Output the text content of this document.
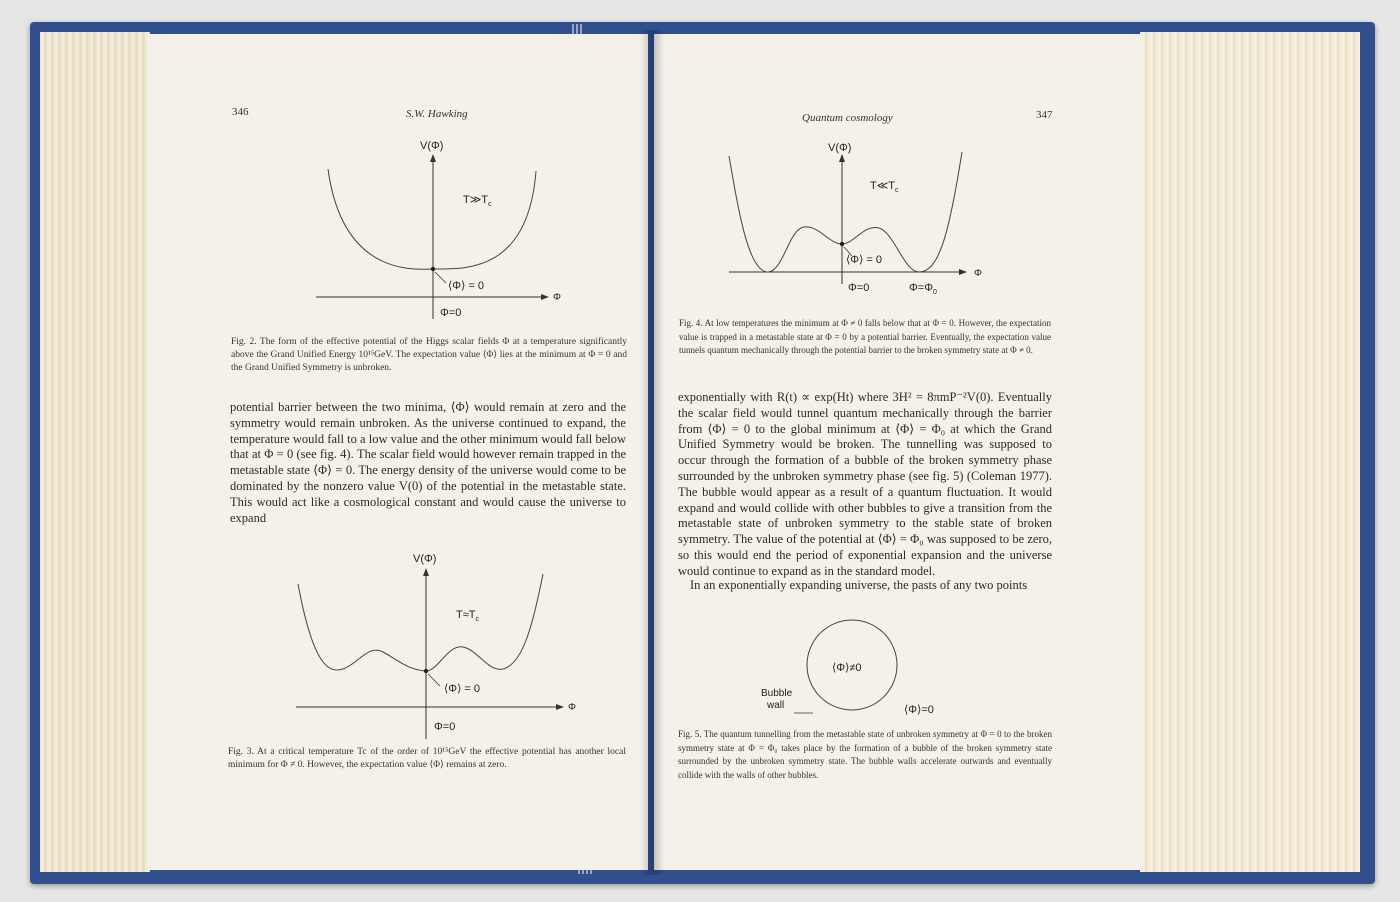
346	S.W. Hawking
V(Φ)
$T≫T_c$
⟨Φ⟩ = 0
Φ
Φ=0
Fig. 2. The form of the effective potential of the Higgs scalar fields Φ at a temperature significantly above the Grand Unified Energy 10¹⁵GeV. The expectation value ⟨Φ⟩ lies at the minimum at Φ = 0 and the Grand Unified Symmetry is unbroken.
potential barrier between the two minima, ⟨Φ⟩ would remain at zero and the symmetry would remain unbroken. As the universe continued to expand, the temperature would fall to a low value and the other minimum would fall below that at Φ = 0 (see fig. 4). The scalar field would however remain trapped in the metastable state ⟨Φ⟩ = 0. The energy density of the universe would come to be dominated by the nonzero value V(0) of the potential in the metastable state. This would act like a cosmological constant and would cause the universe to expand
V(Φ)
$T\approx T_c$
⟨Φ⟩ = 0
Φ
Φ=0
Fig. 3. At a critical temperature Tc of the order of 10¹⁵GeV the effective potential has another local minimum for Φ ≠ 0. However, the expectation value ⟨Φ⟩ remains at zero.
Quantum cosmology	347
V(Φ)
$T≪T_c$
⟨Φ⟩ = 0
Φ
Φ=0	$\Phi=\Phi_0$
Fig. 4. At low temperatures the minimum at Φ ≠ 0 falls below that at Φ = 0. However, the expectation value is trapped in a metastable state at Φ = 0 by a potential barrier. Eventually, the expectation value tunnels quantum mechanically through the potential barrier to the broken symmetry state at Φ ≠ 0.
exponentially with R(t) ∝ exp(Ht) where 3H² = 8πmP⁻²V(0). Eventually the scalar field would tunnel quantum mechanically through the barrier from ⟨Φ⟩ = 0 to the global minimum at ⟨Φ⟩ = Φ₀ at which the Grand Unified Symmetry would be broken. The tunnelling was supposed to occur through the formation of a bubble of the broken symmetry phase surrounded by the unbroken symmetry phase (see fig. 5) (Coleman 1977). The bubble would appear as a result of a quantum fluctuation. It would expand and would collide with other bubbles to give a transition from the metastable state of unbroken symmetry to the stable state of broken symmetry. The value of the potential at ⟨Φ⟩ = Φ₀ was supposed to be zero, so this would end the period of exponential expansion and the universe would continue to expand as in the standard model.
In an exponentially expanding universe, the pasts of any two points
⟨Φ⟩≠0
Bubble
wall	⟨Φ⟩=0
Fig. 5. The quantum tunnelling from the metastable state of unbroken symmetry at Φ = 0 to the broken symmetry state at Φ = Φ₀ takes place by the formation of a bubble of the broken symmetry state surrounded by the unbroken symmetry state. The bubble walls accelerate outwards and eventually collide with the walls of other bubbles.
